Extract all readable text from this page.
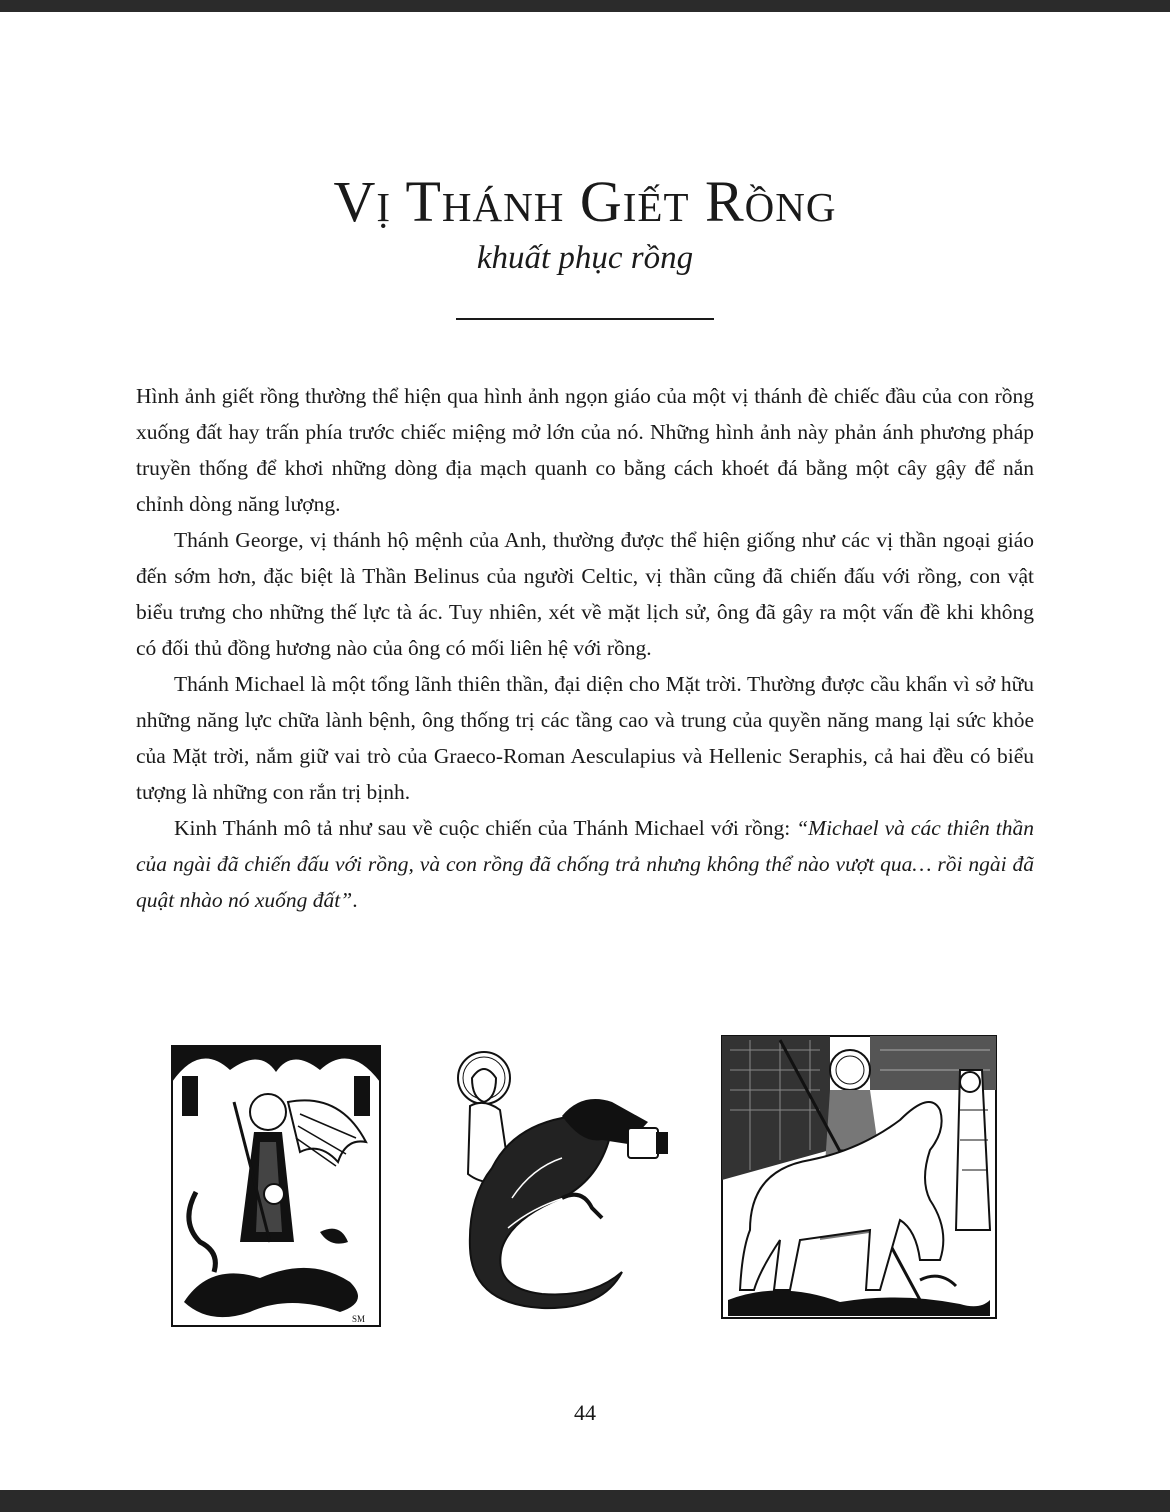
Vị Thánh Giết Rồng
khuất phục rồng

Hình ảnh giết rồng thường thể hiện qua hình ảnh ngọn giáo của một vị thánh đè chiếc đầu của con rồng xuống đất hay trấn phía trước chiếc miệng mở lớn của nó. Những hình ảnh này phản ánh phương pháp truyền thống để khơi những dòng địa mạch quanh co bằng cách khoét đá bằng một cây gậy để nắn chỉnh dòng năng lượng.

Thánh George, vị thánh hộ mệnh của Anh, thường được thể hiện giống như các vị thần ngoại giáo đến sớm hơn, đặc biệt là Thần Belinus của người Celtic, vị thần cũng đã chiến đấu với rồng, con vật biểu trưng cho những thế lực tà ác. Tuy nhiên, xét về mặt lịch sử, ông đã gây ra một vấn đề khi không có đối thủ đồng hương nào của ông có mối liên hệ với rồng.

Thánh Michael là một tổng lãnh thiên thần, đại diện cho Mặt trời. Thường được cầu khẩn vì sở hữu những năng lực chữa lành bệnh, ông thống trị các tầng cao và trung của quyền năng mang lại sức khỏe của Mặt trời, nắm giữ vai trò của Graeco-Roman Aesculapius và Hellenic Seraphis, cả hai đều có biểu tượng là những con rắn trị bịnh.

Kinh Thánh mô tả như sau về cuộc chiến của Thánh Michael với rồng: “Michael và các thiên thần của ngài đã chiến đấu với rồng, và con rồng đã chống trả nhưng không thể nào vượt qua… rồi ngài đã quật nhào nó xuống đất”.

SM
44
